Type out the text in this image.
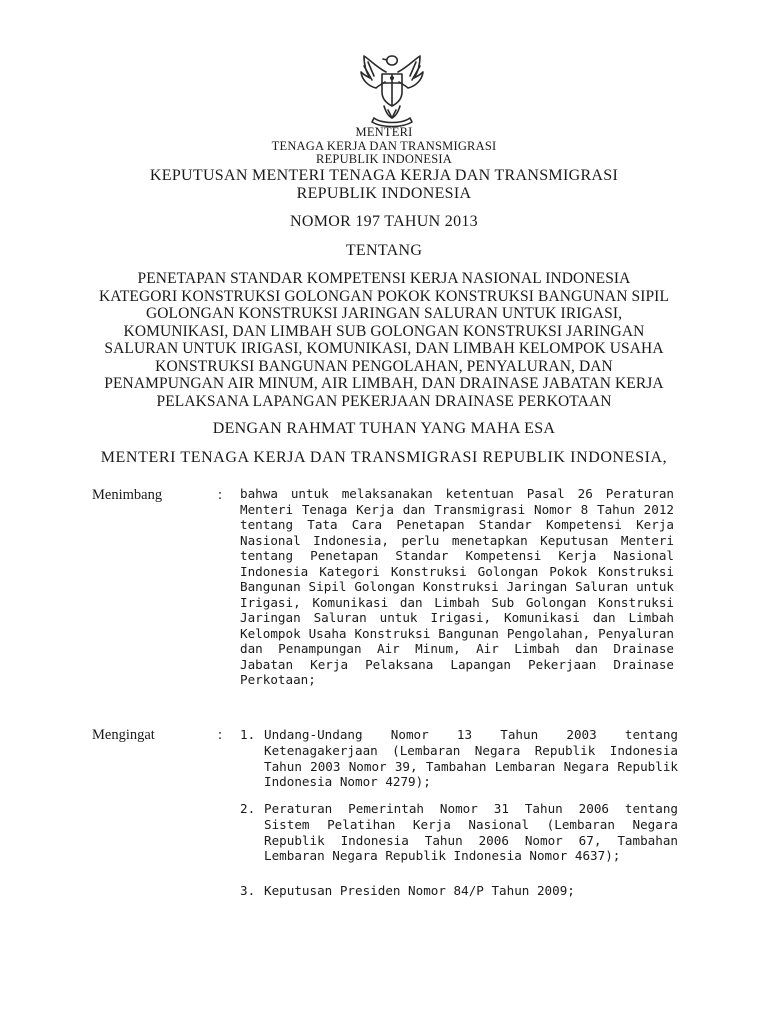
MENTERI
TENAGA KERJA DAN TRANSMIGRASI
REPUBLIK INDONESIA
KEPUTUSAN MENTERI TENAGA KERJA DAN TRANSMIGRASI
REPUBLIK INDONESIA
NOMOR 197 TAHUN 2013
TENTANG
PENETAPAN STANDAR KOMPETENSI KERJA NASIONAL INDONESIA
KATEGORI KONSTRUKSI GOLONGAN POKOK KONSTRUKSI BANGUNAN SIPIL
GOLONGAN KONSTRUKSI JARINGAN SALURAN UNTUK IRIGASI,
KOMUNIKASI, DAN LIMBAH SUB GOLONGAN KONSTRUKSI JARINGAN
SALURAN UNTUK IRIGASI, KOMUNIKASI, DAN LIMBAH KELOMPOK USAHA
KONSTRUKSI BANGUNAN PENGOLAHAN, PENYALURAN, DAN
PENAMPUNGAN AIR MINUM, AIR LIMBAH, DAN DRAINASE JABATAN KERJA
PELAKSANA LAPANGAN PEKERJAAN DRAINASE PERKOTAAN
DENGAN RAHMAT TUHAN YANG MAHA ESA
MENTERI TENAGA KERJA DAN TRANSMIGRASI REPUBLIK INDONESIA,
Menimbang	: bahwa untuk melaksanakan ketentuan Pasal 26 Peraturan Menteri Tenaga Kerja dan Transmigrasi Nomor 8 Tahun 2012 tentang Tata Cara Penetapan Standar Kompetensi Kerja Nasional Indonesia, perlu menetapkan Keputusan Menteri tentang Penetapan Standar Kompetensi Kerja Nasional Indonesia Kategori Konstruksi Golongan Pokok Konstruksi Bangunan Sipil Golongan Konstruksi Jaringan Saluran untuk Irigasi, Komunikasi dan Limbah Sub Golongan Konstruksi Jaringan Saluran untuk Irigasi, Komunikasi dan Limbah Kelompok Usaha Konstruksi Bangunan Pengolahan, Penyaluran dan Penampungan Air Minum, Air Limbah dan Drainase Jabatan Kerja Pelaksana Lapangan Pekerjaan Drainase Perkotaan;
Mengingat	: 1. Undang-Undang Nomor 13 Tahun 2003 tentang Ketenagakerjaan (Lembaran Negara Republik Indonesia Tahun 2003 Nomor 39, Tambahan Lembaran Negara Republik Indonesia Nomor 4279);
2. Peraturan Pemerintah Nomor 31 Tahun 2006 tentang Sistem Pelatihan Kerja Nasional (Lembaran Negara Republik Indonesia Tahun 2006 Nomor 67, Tambahan Lembaran Negara Republik Indonesia Nomor 4637);
3. Keputusan Presiden Nomor 84/P Tahun 2009;
